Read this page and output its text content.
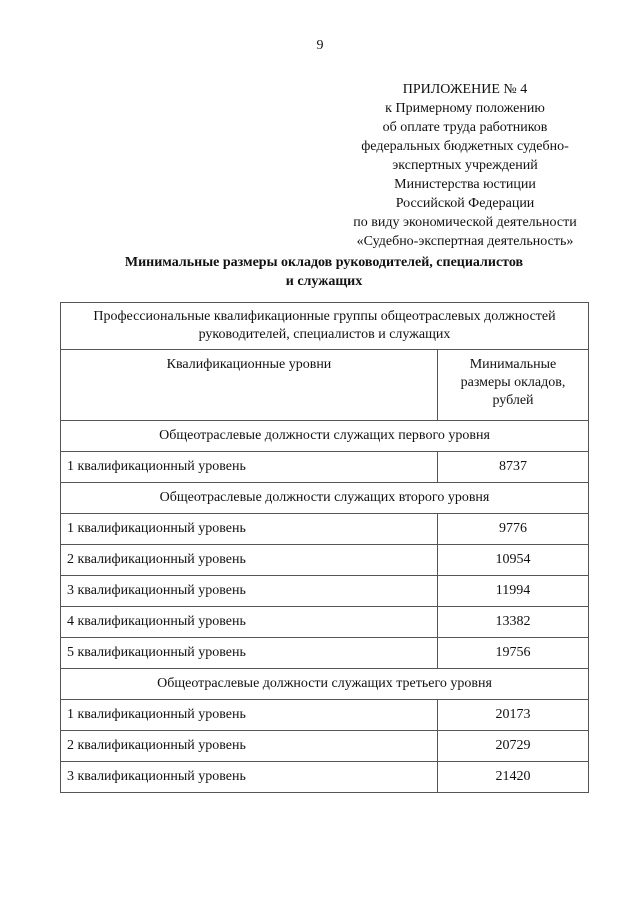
9
ПРИЛОЖЕНИЕ № 4
к Примерному положению
об оплате труда работников
федеральных бюджетных судебно-
экспертных учреждений
Министерства юстиции
Российской Федерации
по виду экономической деятельности
«Судебно-экспертная деятельность»
Минимальные размеры окладов руководителей, специалистов
и служащих
Профессиональные квалификационные группы общеотраслевых должностей руководителей, специалистов и служащих	
Квалификационные уровни	Минимальные размеры окладов, рублей
Общеотраслевые должности служащих первого уровня	
1 квалификационный уровень	8737
Общеотраслевые должности служащих второго уровня	
1 квалификационный уровень	9776
2 квалификационный уровень	10954
3 квалификационный уровень	11994
4 квалификационный уровень	13382
5 квалификационный уровень	19756
Общеотраслевые должности служащих третьего уровня	
1 квалификационный уровень	20173
2 квалификационный уровень	20729
3 квалификационный уровень	21420
